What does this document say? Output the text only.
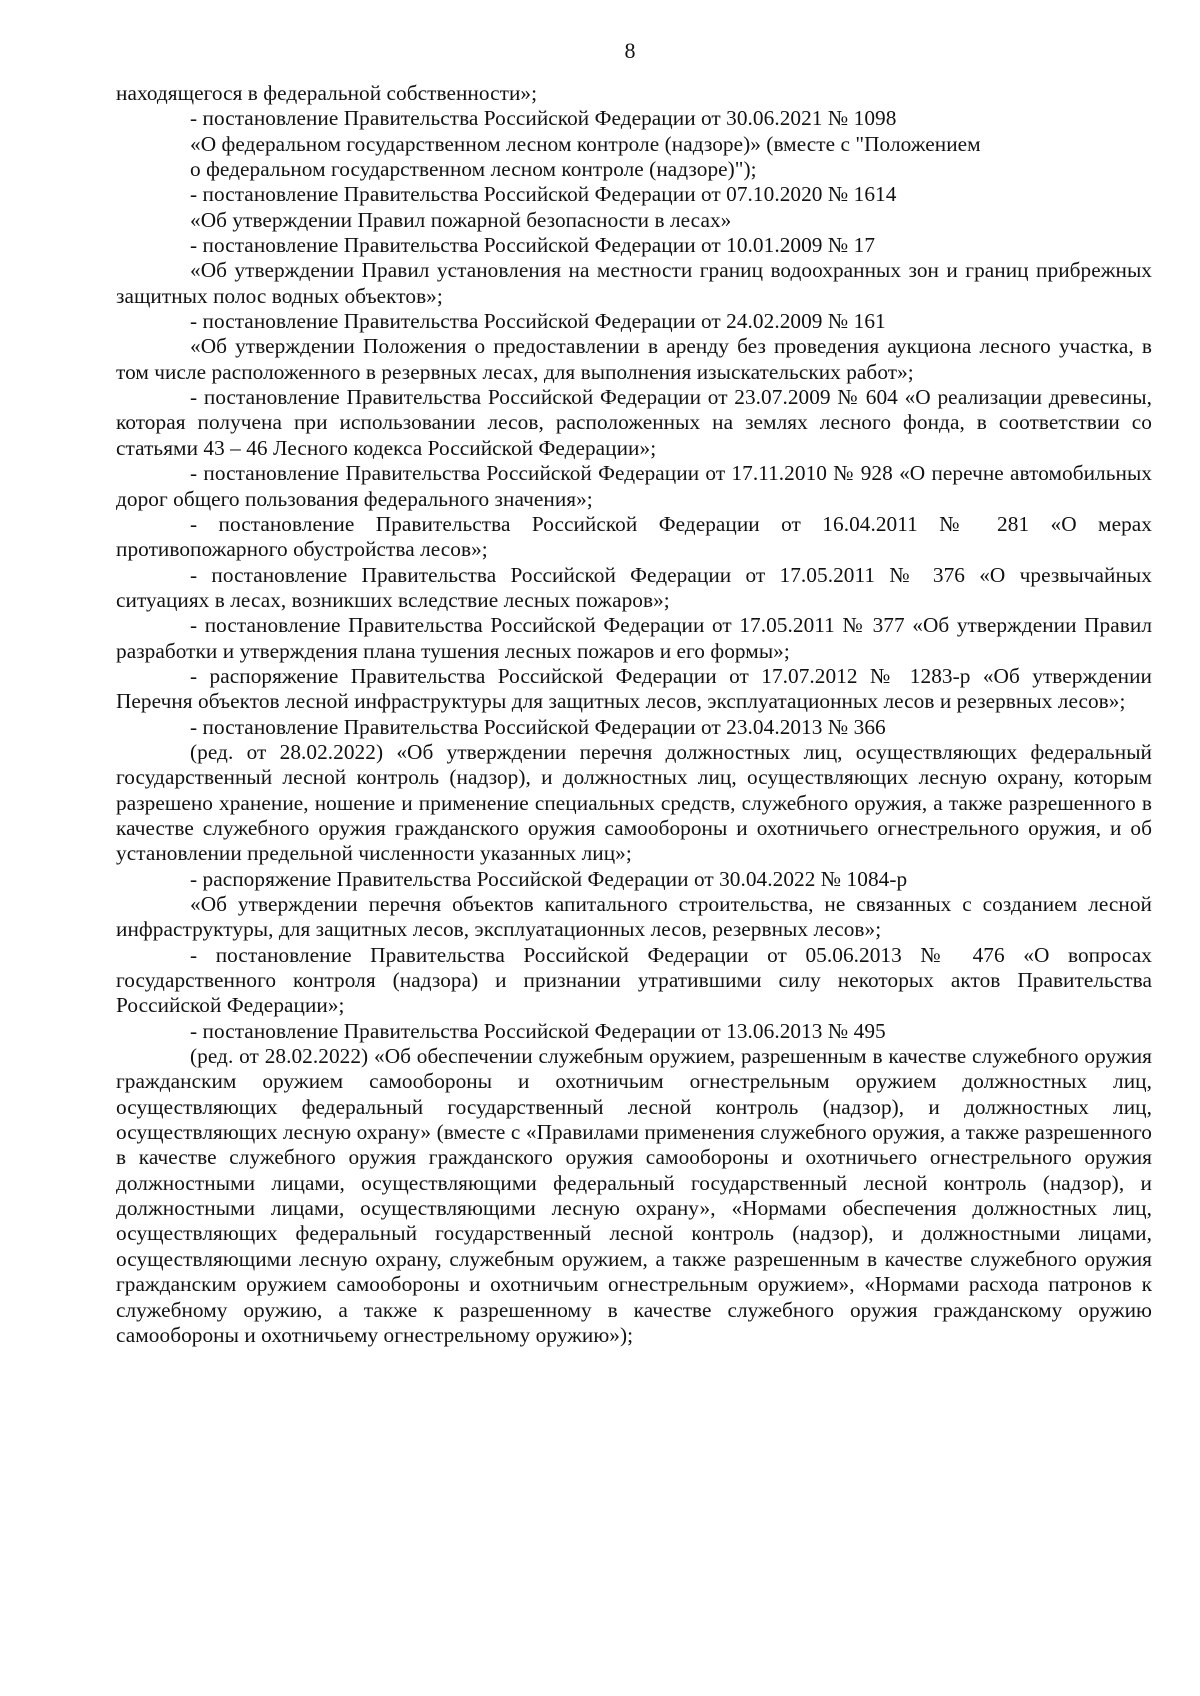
8

находящегося в федеральной собственности»;

- постановление Правительства Российской Федерации от 30.06.2021 № 1098

«О федеральном государственном лесном контроле (надзоре)» (вместе с "Положением

о федеральном государственном лесном контроле (надзоре)");

- постановление Правительства Российской Федерации от 07.10.2020 № 1614

«Об утверждении Правил пожарной безопасности в лесах»

- постановление Правительства Российской Федерации от 10.01.2009 № 17

«Об утверждении Правил установления на местности границ водоохранных зон и границ прибрежных защитных полос водных объектов»;

- постановление Правительства Российской Федерации от 24.02.2009 № 161

«Об утверждении Положения о предоставлении в аренду без проведения аукциона лесного участка, в том числе расположенного в резервных лесах, для выполнения изыскательских работ»;

- постановление Правительства Российской Федерации от 23.07.2009 № 604 «О реализации древесины, которая получена при использовании лесов, расположенных на землях лесного фонда, в соответствии со статьями 43 – 46 Лесного кодекса Российской Федерации»;

- постановление Правительства Российской Федерации от 17.11.2010 № 928 «О перечне автомобильных дорог общего пользования федерального значения»;

- постановление Правительства Российской Федерации от 16.04.2011 № 281 «О мерах противопожарного обустройства лесов»;

- постановление Правительства Российской Федерации от 17.05.2011 № 376 «О чрезвычайных ситуациях в лесах, возникших вследствие лесных пожаров»;

- постановление Правительства Российской Федерации от 17.05.2011 № 377 «Об утверждении Правил разработки и утверждения плана тушения лесных пожаров и его формы»;

- распоряжение Правительства Российской Федерации от 17.07.2012 № 1283-р «Об утверждении Перечня объектов лесной инфраструктуры для защитных лесов, эксплуатационных лесов и резервных лесов»;

- постановление Правительства Российской Федерации от 23.04.2013 № 366

(ред. от 28.02.2022) «Об утверждении перечня должностных лиц, осуществляющих федеральный государственный лесной контроль (надзор), и должностных лиц, осуществляющих лесную охрану, которым разрешено хранение, ношение и применение специальных средств, служебного оружия, а также разрешенного в качестве служебного оружия гражданского оружия самообороны и охотничьего огнестрельного оружия, и об установлении предельной численности указанных лиц»;

- распоряжение Правительства Российской Федерации от 30.04.2022 № 1084-р

«Об утверждении перечня объектов капитального строительства, не связанных с созданием лесной инфраструктуры, для защитных лесов, эксплуатационных лесов, резервных лесов»;

- постановление Правительства Российской Федерации от 05.06.2013 № 476 «О вопросах государственного контроля (надзора) и признании утратившими силу некоторых актов Правительства Российской Федерации»;

- постановление Правительства Российской Федерации от 13.06.2013 № 495

(ред. от 28.02.2022) «Об обеспечении служебным оружием, разрешенным в качестве служебного оружия гражданским оружием самообороны и охотничьим огнестрельным оружием должностных лиц, осуществляющих федеральный государственный лесной контроль (надзор), и должностных лиц, осуществляющих лесную охрану» (вместе с «Правилами применения служебного оружия, а также разрешенного в качестве служебного оружия гражданского оружия самообороны и охотничьего огнестрельного оружия должностными лицами, осуществляющими федеральный государственный лесной контроль (надзор), и должностными лицами, осуществляющими лесную охрану», «Нормами обеспечения должностных лиц, осуществляющих федеральный государственный лесной контроль (надзор), и должностными лицами, осуществляющими лесную охрану, служебным оружием, а также разрешенным в качестве служебного оружия гражданским оружием самообороны и охотничьим огнестрельным оружием», «Нормами расхода патронов к служебному оружию, а также к разрешенному в качестве служебного оружия гражданскому оружию самообороны и охотничьему огнестрельному оружию»);
